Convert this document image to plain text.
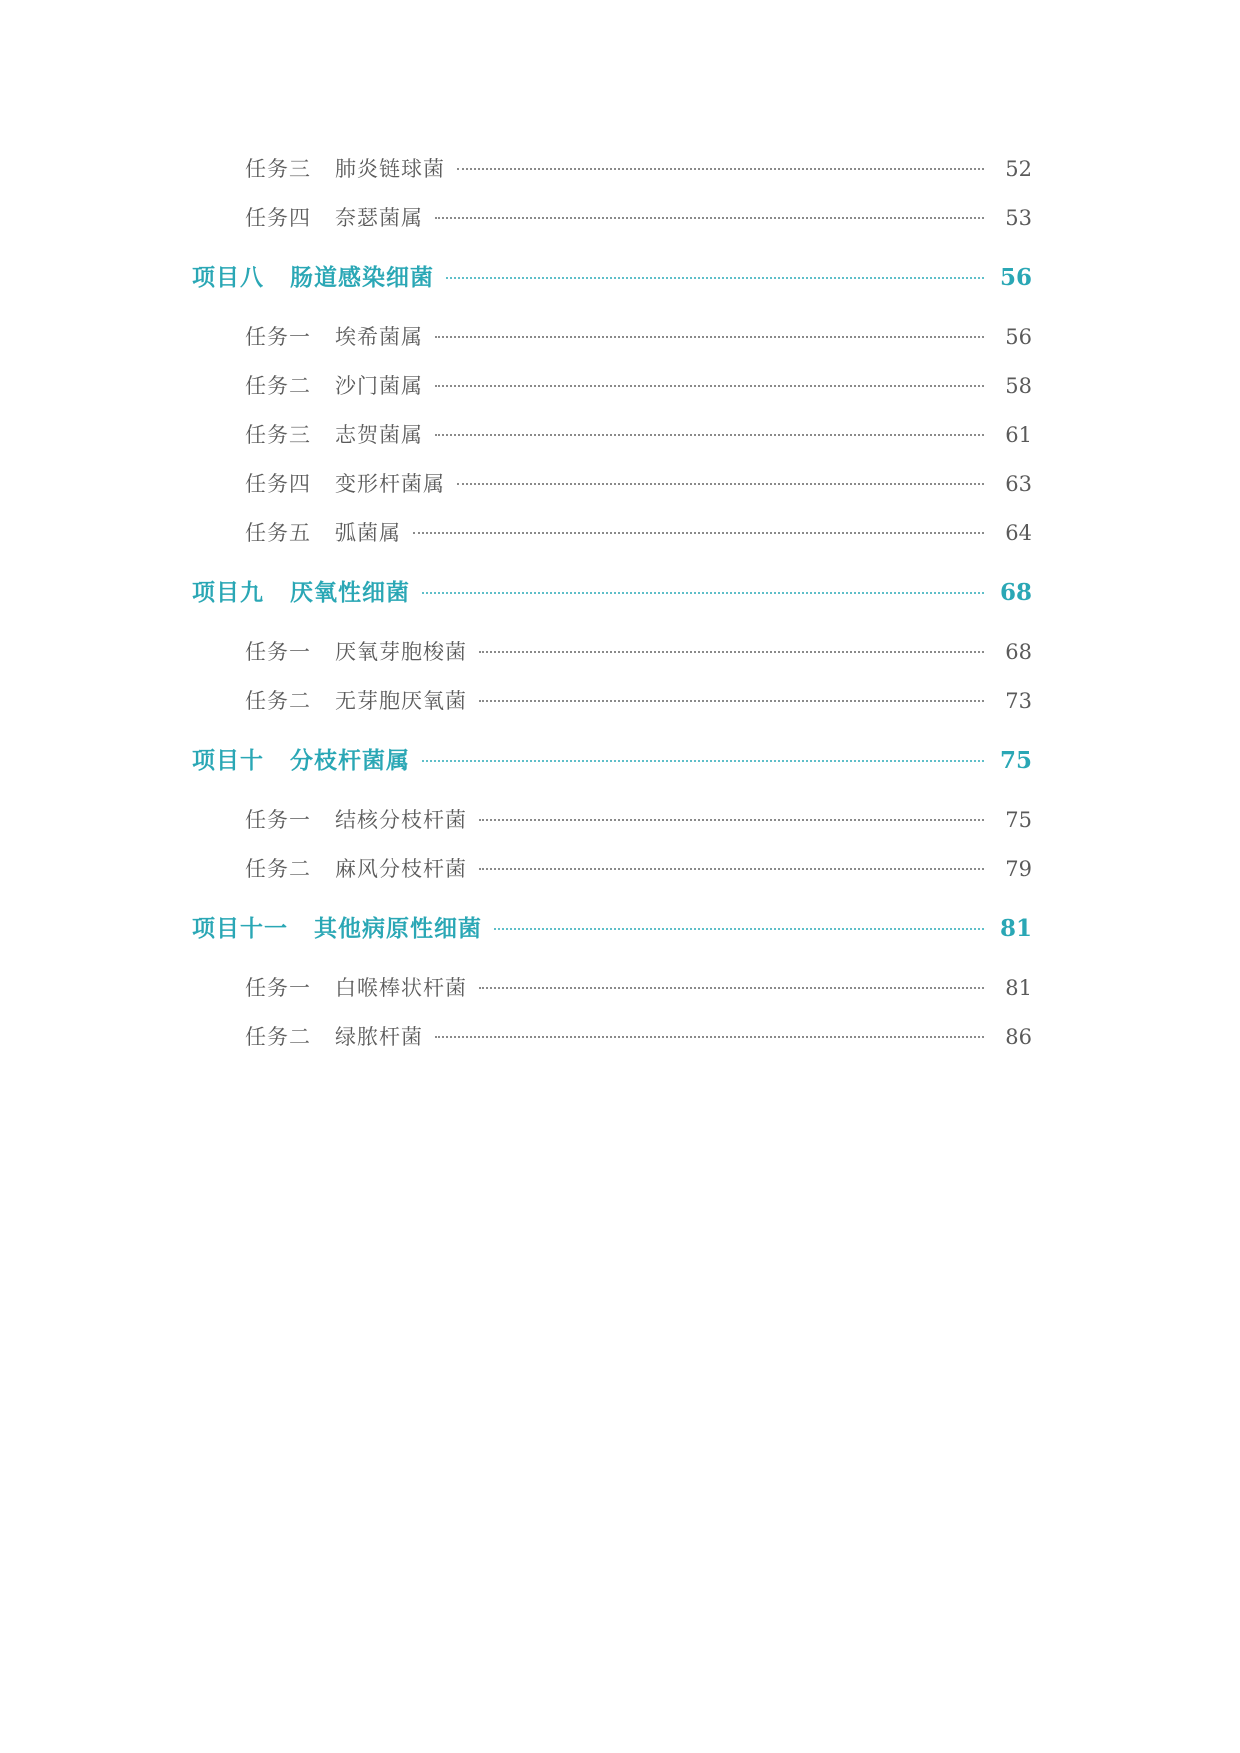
任务三	肺炎链球菌	52
任务四	奈瑟菌属	53
项目八 肠道感染细菌	56
任务一	埃希菌属	56
任务二	沙门菌属	58
任务三	志贺菌属	61
任务四	变形杆菌属	63
任务五	弧菌属	64
项目九 厌氧性细菌	68
任务一	厌氧芽胞梭菌	68
任务二	无芽胞厌氧菌	73
项目十 分枝杆菌属	75
任务一	结核分枝杆菌	75
任务二	麻风分枝杆菌	79
项目十一 其他病原性细菌	81
任务一	白喉棒状杆菌	81
任务二	绿脓杆菌	86
